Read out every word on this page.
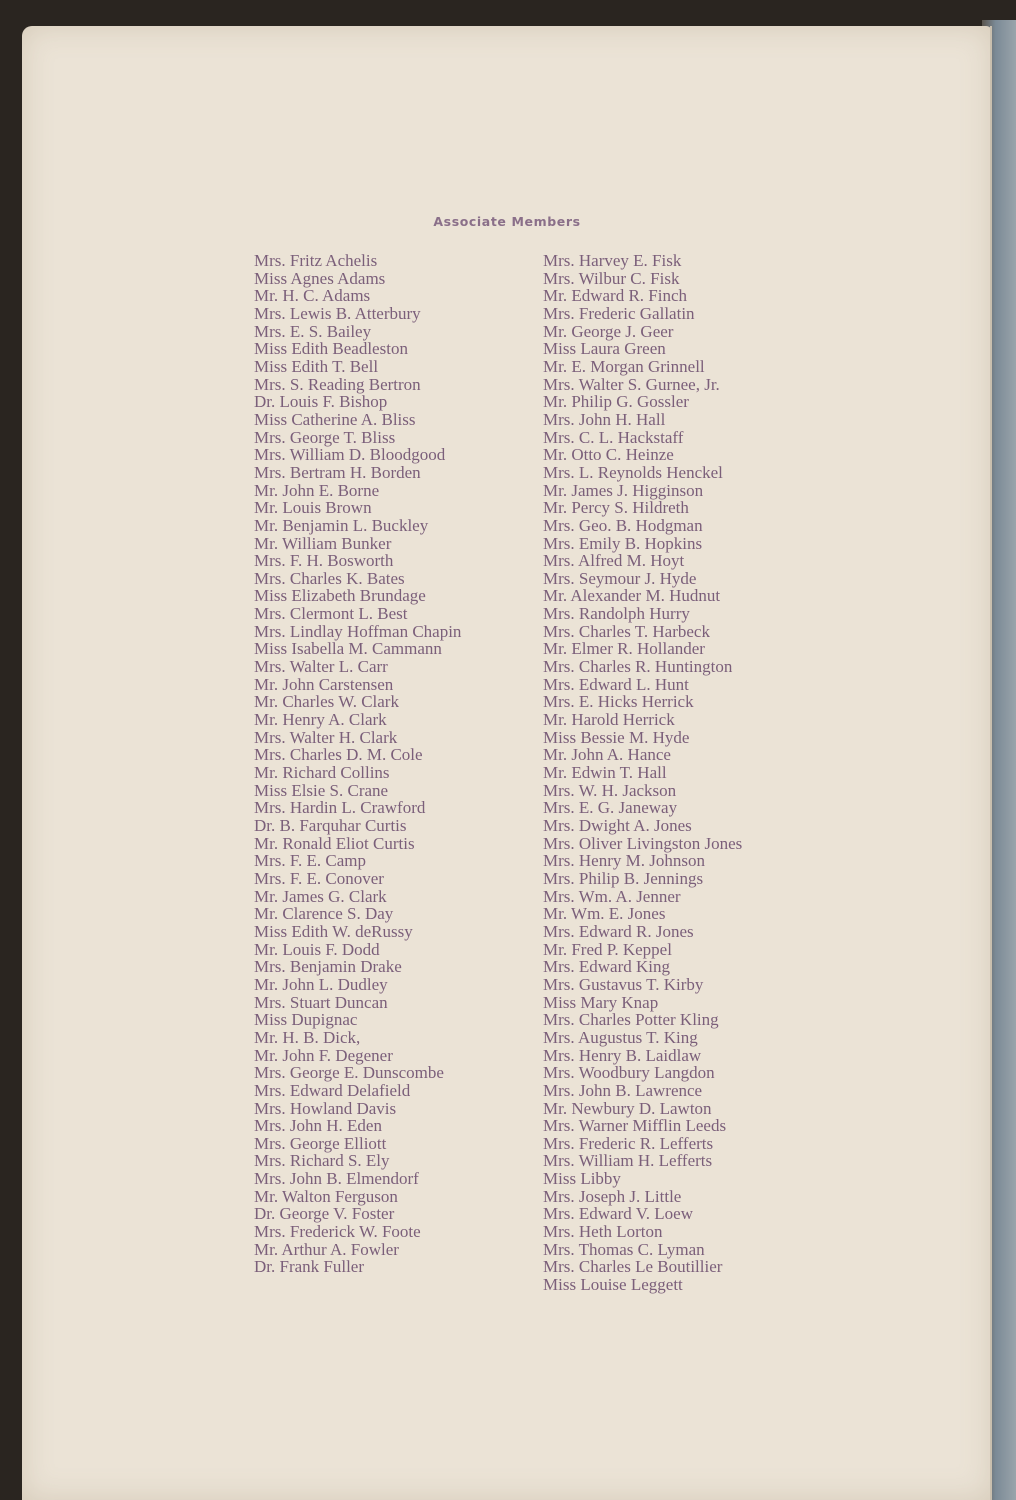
Associate Members
Mrs. Fritz Achelis
Miss Agnes Adams
Mr. H. C. Adams
Mrs. Lewis B. Atterbury
Mrs. E. S. Bailey
Miss Edith Beadleston
Miss Edith T. Bell
Mrs. S. Reading Bertron
Dr. Louis F. Bishop
Miss Catherine A. Bliss
Mrs. George T. Bliss
Mrs. William D. Bloodgood
Mrs. Bertram H. Borden
Mr. John E. Borne
Mr. Louis Brown
Mr. Benjamin L. Buckley
Mr. William Bunker
Mrs. F. H. Bosworth
Mrs. Charles K. Bates
Miss Elizabeth Brundage
Mrs. Clermont L. Best
Mrs. Lindlay Hoffman Chapin
Miss Isabella M. Cammann
Mrs. Walter L. Carr
Mr. John Carstensen
Mr. Charles W. Clark
Mr. Henry A. Clark
Mrs. Walter H. Clark
Mrs. Charles D. M. Cole
Mr. Richard Collins
Miss Elsie S. Crane
Mrs. Hardin L. Crawford
Dr. B. Farquhar Curtis
Mr. Ronald Eliot Curtis
Mrs. F. E. Camp
Mrs. F. E. Conover
Mr. James G. Clark
Mr. Clarence S. Day
Miss Edith W. deRussy
Mr. Louis F. Dodd
Mrs. Benjamin Drake
Mr. John L. Dudley
Mrs. Stuart Duncan
Miss Dupignac
Mr. H. B. Dick,
Mr. John F. Degener
Mrs. George E. Dunscombe
Mrs. Edward Delafield
Mrs. Howland Davis
Mrs. John H. Eden
Mrs. George Elliott
Mrs. Richard S. Ely
Mrs. John B. Elmendorf
Mr. Walton Ferguson
Dr. George V. Foster
Mrs. Frederick W. Foote
Mr. Arthur A. Fowler
Dr. Frank Fuller
Mrs. Harvey E. Fisk
Mrs. Wilbur C. Fisk
Mr. Edward R. Finch
Mrs. Frederic Gallatin
Mr. George J. Geer
Miss Laura Green
Mr. E. Morgan Grinnell
Mrs. Walter S. Gurnee, Jr.
Mr. Philip G. Gossler
Mrs. John H. Hall
Mrs. C. L. Hackstaff
Mr. Otto C. Heinze
Mrs. L. Reynolds Henckel
Mr. James J. Higginson
Mr. Percy S. Hildreth
Mrs. Geo. B. Hodgman
Mrs. Emily B. Hopkins
Mrs. Alfred M. Hoyt
Mrs. Seymour J. Hyde
Mr. Alexander M. Hudnut
Mrs. Randolph Hurry
Mrs. Charles T. Harbeck
Mr. Elmer R. Hollander
Mrs. Charles R. Huntington
Mrs. Edward L. Hunt
Mrs. E. Hicks Herrick
Mr. Harold Herrick
Miss Bessie M. Hyde
Mr. John A. Hance
Mr. Edwin T. Hall
Mrs. W. H. Jackson
Mrs. E. G. Janeway
Mrs. Dwight A. Jones
Mrs. Oliver Livingston Jones
Mrs. Henry M. Johnson
Mrs. Philip B. Jennings
Mrs. Wm. A. Jenner
Mr. Wm. E. Jones
Mrs. Edward R. Jones
Mr. Fred P. Keppel
Mrs. Edward King
Mrs. Gustavus T. Kirby
Miss Mary Knap
Mrs. Charles Potter Kling
Mrs. Augustus T. King
Mrs. Henry B. Laidlaw
Mrs. Woodbury Langdon
Mrs. John B. Lawrence
Mr. Newbury D. Lawton
Mrs. Warner Mifflin Leeds
Mrs. Frederic R. Lefferts
Mrs. William H. Lefferts
Miss Libby
Mrs. Joseph J. Little
Mrs. Edward V. Loew
Mrs. Heth Lorton
Mrs. Thomas C. Lyman
Mrs. Charles Le Boutillier
Miss Louise Leggett
